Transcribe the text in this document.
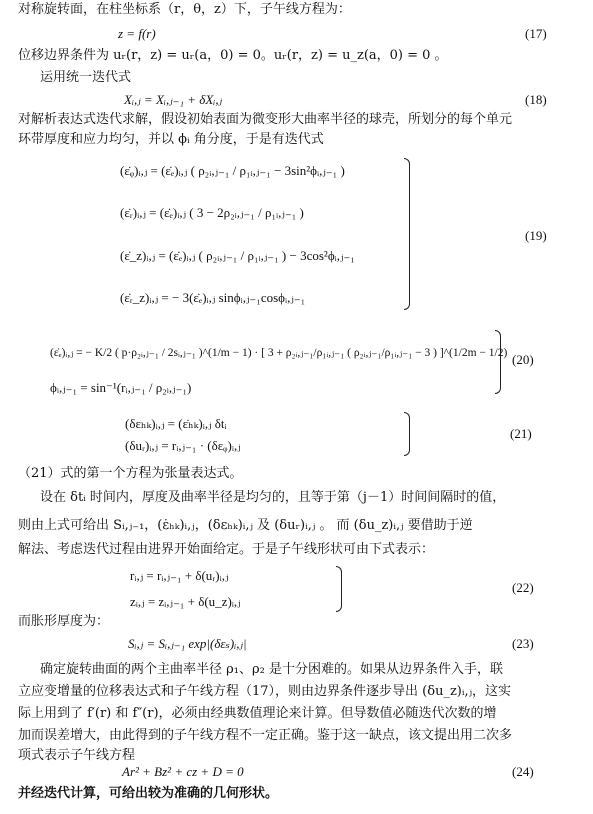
对称旋转面，在柱坐标系（r，θ，z）下，子午线方程为：
z = f(r)	(17)
位移边界条件为 uᵣ(r，z) = uᵣ(a，0) = 0。uᵣ(r，z) = u_z(a，0) = 0 。
运用统一迭代式
Xᵢ,ⱼ = Xᵢ,ⱼ₋₁ + δXᵢ,ⱼ	(18)
对解析表达式迭代求解，假设初始表面为微变形大曲率半径的球壳，所划分的每个单元
环带厚度和应力均匀，并以 ϕᵢ 角分度，于是有迭代式
(ε̇ᵩ)ᵢ,ⱼ = (ε̇ₑ)ᵢ,ⱼ ( ρ₂ᵢ,ⱼ₋₁ / ρ₁ᵢ,ⱼ₋₁ − 3sin²ϕᵢ,ⱼ₋₁ )
(ε̇ᵣ)ᵢ,ⱼ = (ε̇ₑ)ᵢ,ⱼ ( 3 − 2ρ₂ᵢ,ⱼ₋₁ / ρ₁ᵢ,ⱼ₋₁ )
(ε̇_z)ᵢ,ⱼ = (ε̇ₑ)ᵢ,ⱼ ( ρ₂ᵢ,ⱼ₋₁ / ρ₁ᵢ,ⱼ₋₁ ) − 3cos²ϕᵢ,ⱼ₋₁
(ε̇ᵣ_z)ᵢ,ⱼ = − 3(ε̇ₑ)ᵢ,ⱼ sinϕᵢ,ⱼ₋₁cosϕᵢ,ⱼ₋₁
(19)
(ε̇ₑ)ᵢ,ⱼ = − K/2 ( p·ρ₂ᵢ,ⱼ₋₁ / 2sᵢ,ⱼ₋₁ )^(1/m − 1) · [ 3 + ρ₂ᵢ,ⱼ₋₁/ρ₁ᵢ,ⱼ₋₁ ( ρ₂ᵢ,ⱼ₋₁/ρ₁ᵢ,ⱼ₋₁ − 3 ) ]^(1/2m − 1/2)
ϕᵢ,ⱼ₋₁ = sin⁻¹(rᵢ,ⱼ₋₁ / ρ₂ᵢ,ⱼ₋₁)
(20)
(δεₕₖ)ᵢ,ⱼ = (ε̇ₕₖ)ᵢ,ⱼ δtᵢ
(δuᵣ)ᵢ,ⱼ = rᵢ,ⱼ₋₁ · (δεᵩ)ᵢ,ⱼ
(21)
（21）式的第一个方程为张量表达式。
设在 δtᵢ 时间内，厚度及曲率半径是均匀的，且等于第（j－1）时间间隔时的值，
则由上式可给出 Sᵢ,ⱼ₋₁，(ε̇ₕₖ)ᵢ,ⱼ，(δεₕₖ)ᵢ,ⱼ 及 (δuᵣ)ᵢ,ⱼ 。 而 (δu_z)ᵢ,ⱼ 要借助于逆
解法、考虑迭代过程由进界开始面给定。于是子午线形状可由下式表示：
rᵢ,ⱼ = rᵢ,ⱼ₋₁ + δ(uᵣ)ᵢ,ⱼ
zᵢ,ⱼ = zᵢ,ⱼ₋₁ + δ(u_z)ᵢ,ⱼ
(22)
而胀形厚度为：
Sᵢ,ⱼ = Sᵢ,ⱼ₋₁ exp|(δεₛ)ᵢ,ⱼ|	(23)
确定旋转曲面的两个主曲率半径 ρ₁、ρ₂ 是十分困难的。如果从边界条件入手，联
立应变增量的位移表达式和子午线方程（17），则由边界条件逐步导出 (δu_z)ᵢ,ⱼ，这实
际上用到了 f′(r) 和 f″(r)，必须由经典数值理论来计算。但导数值必随迭代次数的增
加而误差增大，由此得到的子午线方程不一定正确。鉴于这一缺点，该文提出用二次多
项式表示子午线方程
Ar² + Bz² + cz + D = 0	(24)
并经迭代计算，可给出较为准确的几何形状。
